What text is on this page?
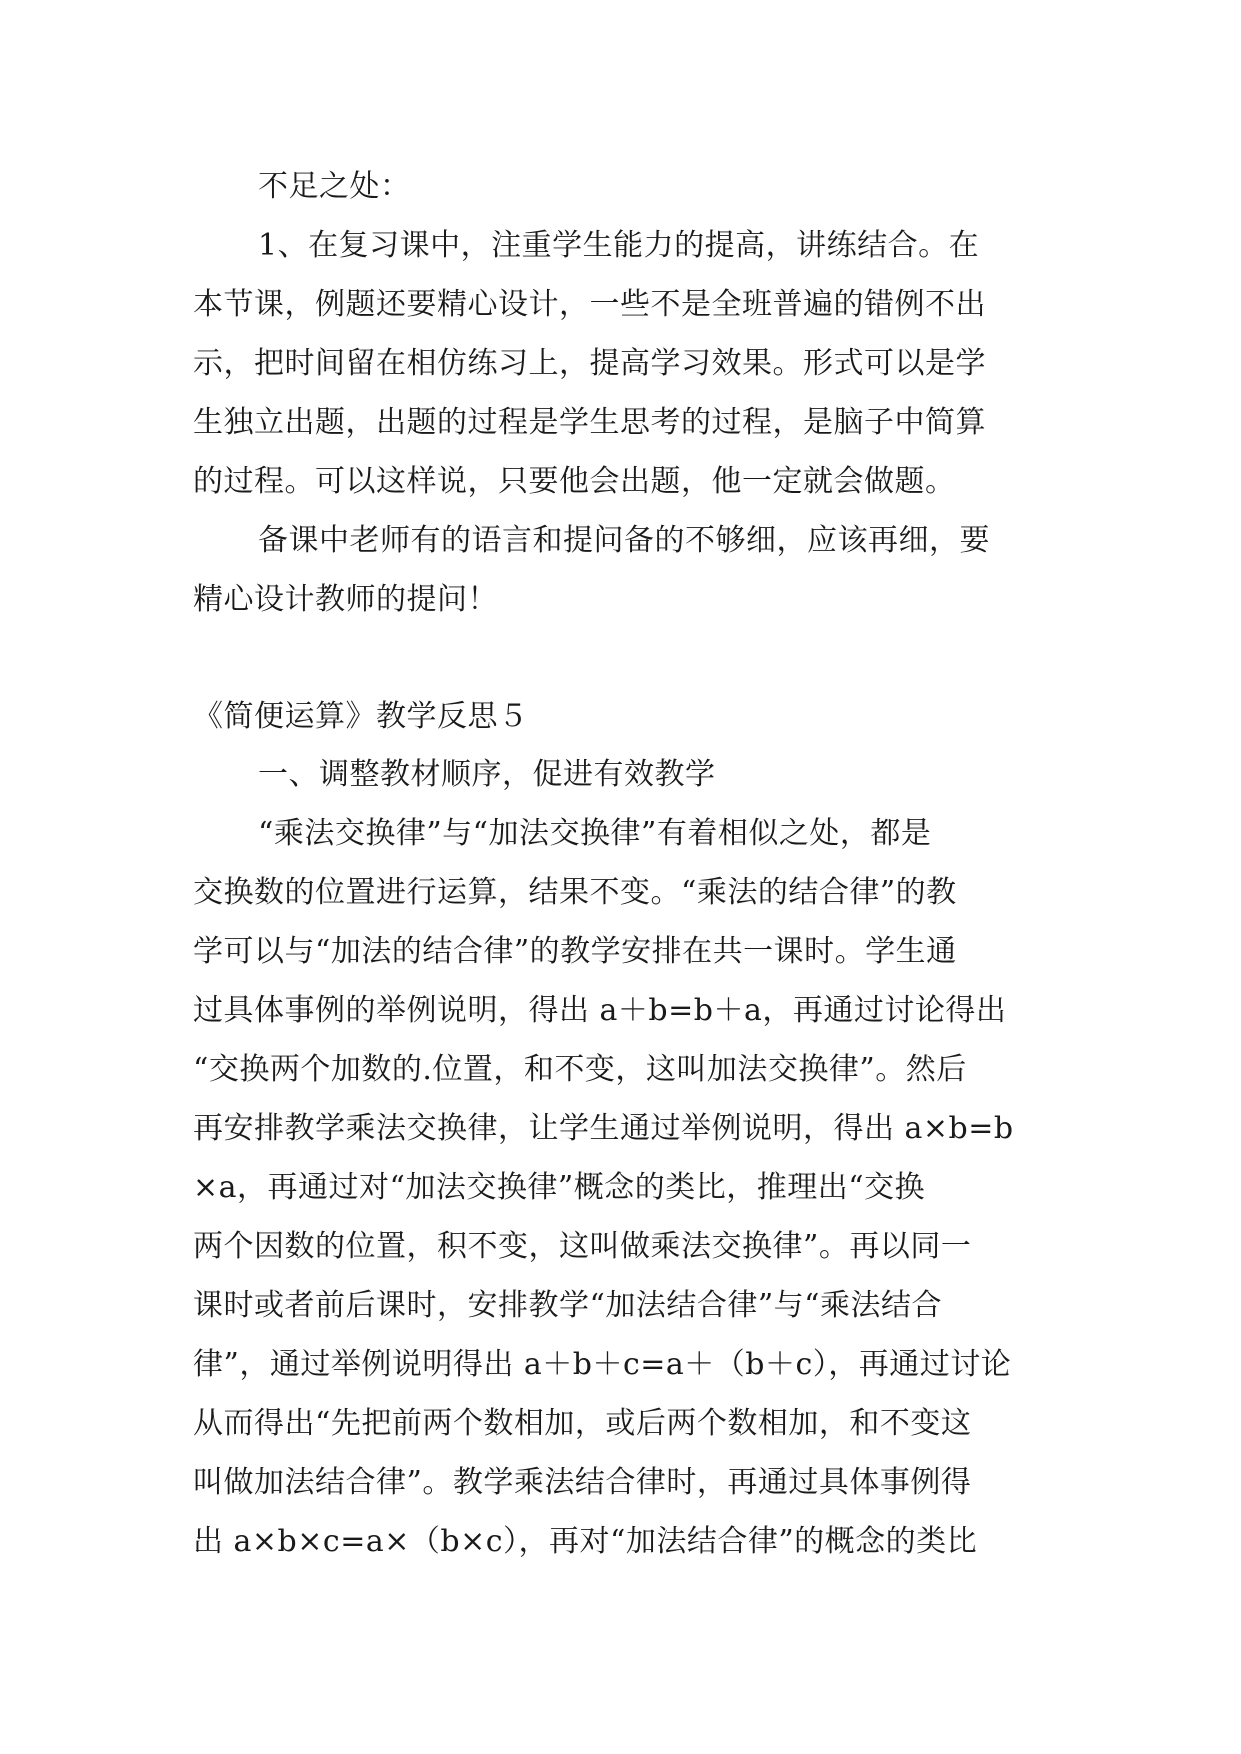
不足之处：
1、在复习课中，注重学生能力的提高，讲练结合。在
本节课，例题还要精心设计，一些不是全班普遍的错例不出
示，把时间留在相仿练习上，提高学习效果。形式可以是学
生独立出题，出题的过程是学生思考的过程，是脑子中简算
的过程。可以这样说，只要他会出题，他一定就会做题。
备课中老师有的语言和提问备的不够细，应该再细，要
精心设计教师的提问！
《简便运算》教学反思５
一、调整教材顺序，促进有效教学
“乘法交换律”与“加法交换律”有着相似之处，都是
交换数的位置进行运算，结果不变。“乘法的结合律”的教
学可以与“加法的结合律”的教学安排在共一课时。学生通
过具体事例的举例说明，得出 a＋b=b＋a，再通过讨论得出
“交换两个加数的.位置，和不变，这叫加法交换律”。然后
再安排教学乘法交换律，让学生通过举例说明，得出 a×b=b
×a，再通过对“加法交换律”概念的类比，推理出“交换
两个因数的位置，积不变，这叫做乘法交换律”。再以同一
课时或者前后课时，安排教学“加法结合律”与“乘法结合
律”，通过举例说明得出 a＋b＋c=a＋（b＋c），再通过讨论
从而得出“先把前两个数相加，或后两个数相加，和不变这
叫做加法结合律”。教学乘法结合律时，再通过具体事例得
出 a×b×c=a×（b×c），再对“加法结合律”的概念的类比
